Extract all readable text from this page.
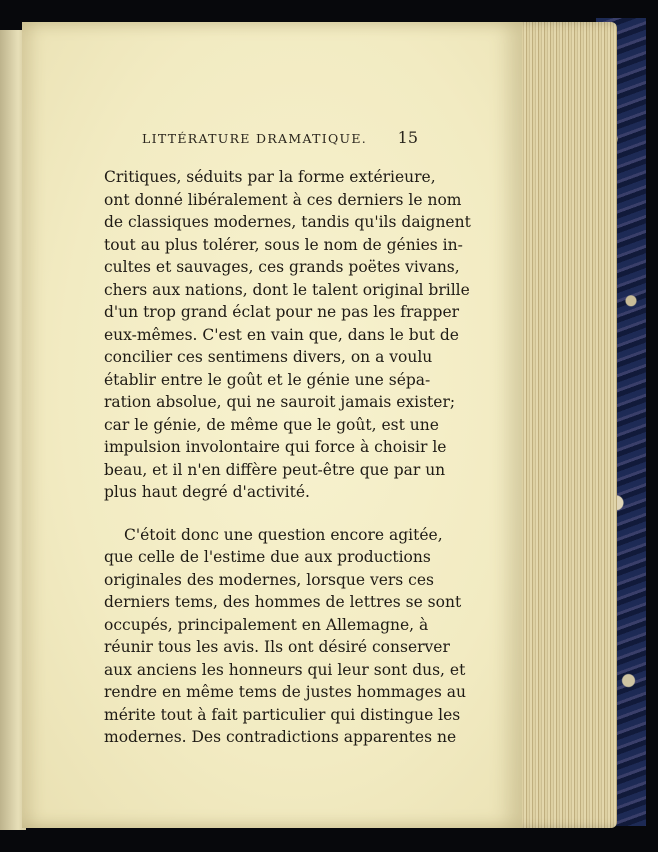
LITTÉRATURE DRAMATIQUE. 15
Critiques, séduits par la forme extérieure,
ont donné libéralement à ces derniers le nom
de classiques modernes, tandis qu'ils daignent
tout au plus tolérer, sous le nom de génies in-
cultes et sauvages, ces grands poëtes vivans,
chers aux nations, dont le talent original brille
d'un trop grand éclat pour ne pas les frapper
eux-mêmes. C'est en vain que, dans le but de
concilier ces sentimens divers, on a voulu
établir entre le goût et le génie une sépa-
ration absolue, qui ne sauroit jamais exister;
car le génie, de même que le goût, est une
impulsion involontaire qui force à choisir le
beau, et il n'en diffère peut-être que par un
plus haut degré d'activité.
C'étoit donc une question encore agitée,
que celle de l'estime due aux productions
originales des modernes, lorsque vers ces
derniers tems, des hommes de lettres se sont
occupés, principalement en Allemagne, à
réunir tous les avis. Ils ont désiré conserver
aux anciens les honneurs qui leur sont dus, et
rendre en même tems de justes hommages au
mérite tout à fait particulier qui distingue les
modernes. Des contradictions apparentes ne
